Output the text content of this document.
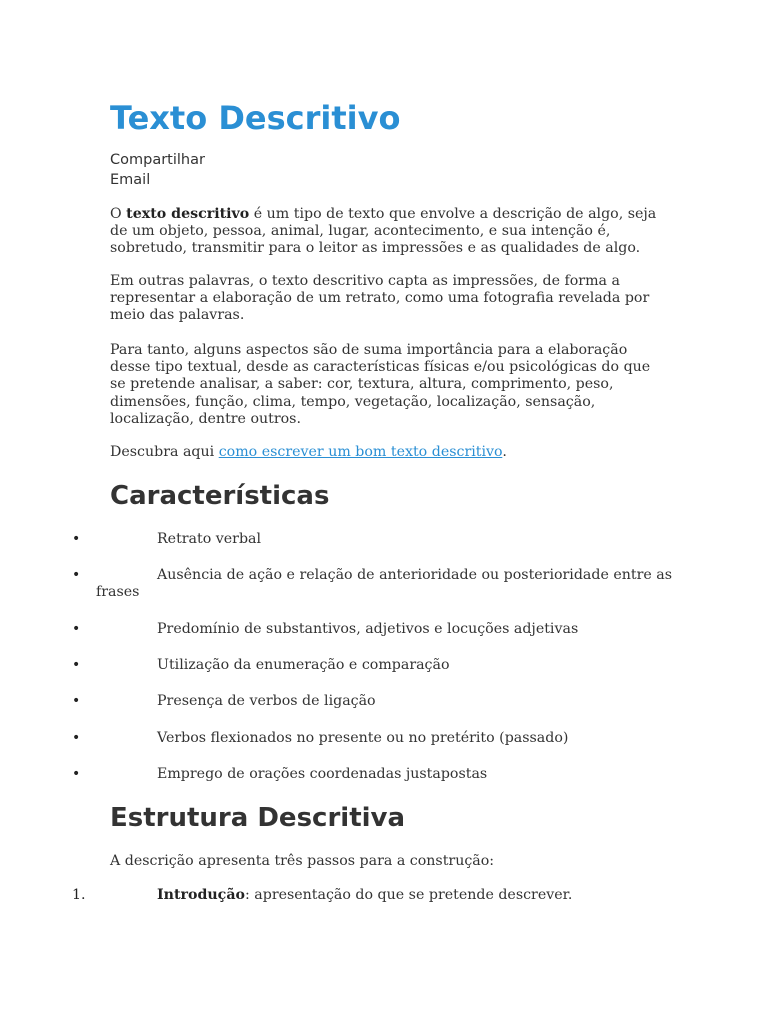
Texto Descritivo
Compartilhar
Email

O texto descritivo é um tipo de texto que envolve a descrição de algo, seja de um objeto, pessoa, animal, lugar, acontecimento, e sua intenção é, sobretudo, transmitir para o leitor as impressões e as qualidades de algo.

Em outras palavras, o texto descritivo capta as impressões, de forma a representar a elaboração de um retrato, como uma fotografia revelada por meio das palavras.

Para tanto, alguns aspectos são de suma importância para a elaboração desse tipo textual, desde as características físicas e/ou psicológicas do que se pretende analisar, a saber: cor, textura, altura, comprimento, peso, dimensões, função, clima, tempo, vegetação, localização, sensação, localização, dentre outros.

Descubra aqui como escrever um bom texto descritivo.

Características
•	Retrato verbal
•	Ausência de ação e relação de anterioridade ou posterioridade entre as frases
•	Predomínio de substantivos, adjetivos e locuções adjetivas
•	Utilização da enumeração e comparação
•	Presença de verbos de ligação
•	Verbos flexionados no presente ou no pretérito (passado)
•	Emprego de orações coordenadas justapostas
Estrutura Descritiva

A descrição apresenta três passos para a construção:

1.	Introdução: apresentação do que se pretende descrever.
